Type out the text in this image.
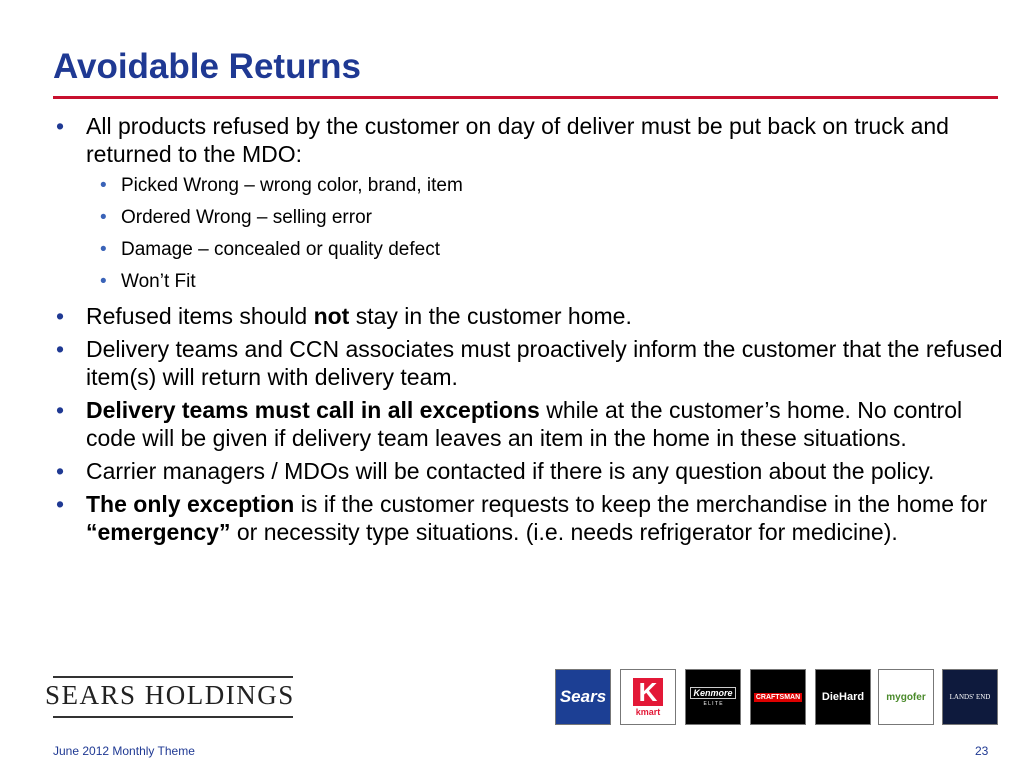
Avoidable Returns
• All products refused by the customer on day of deliver must be put back on truck and returned to the MDO:
• Picked Wrong – wrong color, brand, item
• Ordered Wrong – selling error
• Damage – concealed or quality defect
• Won’t Fit
• Refused items should not stay in the customer home.
• Delivery teams and CCN associates must proactively inform the customer that the refused item(s) will return with delivery team.
• Delivery teams must call in all exceptions while at the customer’s home. No control code will be given if delivery team leaves an item in the home in these situations.
• Carrier managers / MDOs will be contacted if there is any question about the policy.
• The only exception is if the customer requests to keep the merchandise in the home for “emergency” or necessity type situations. (i.e. needs refrigerator for medicine).
SEARS HOLDINGS	Sears K
kmart
Kenmore
E L I T E
CRAFTSMAN DieHard mygofer	LANDS' END
June 2012 Monthly Theme	23
